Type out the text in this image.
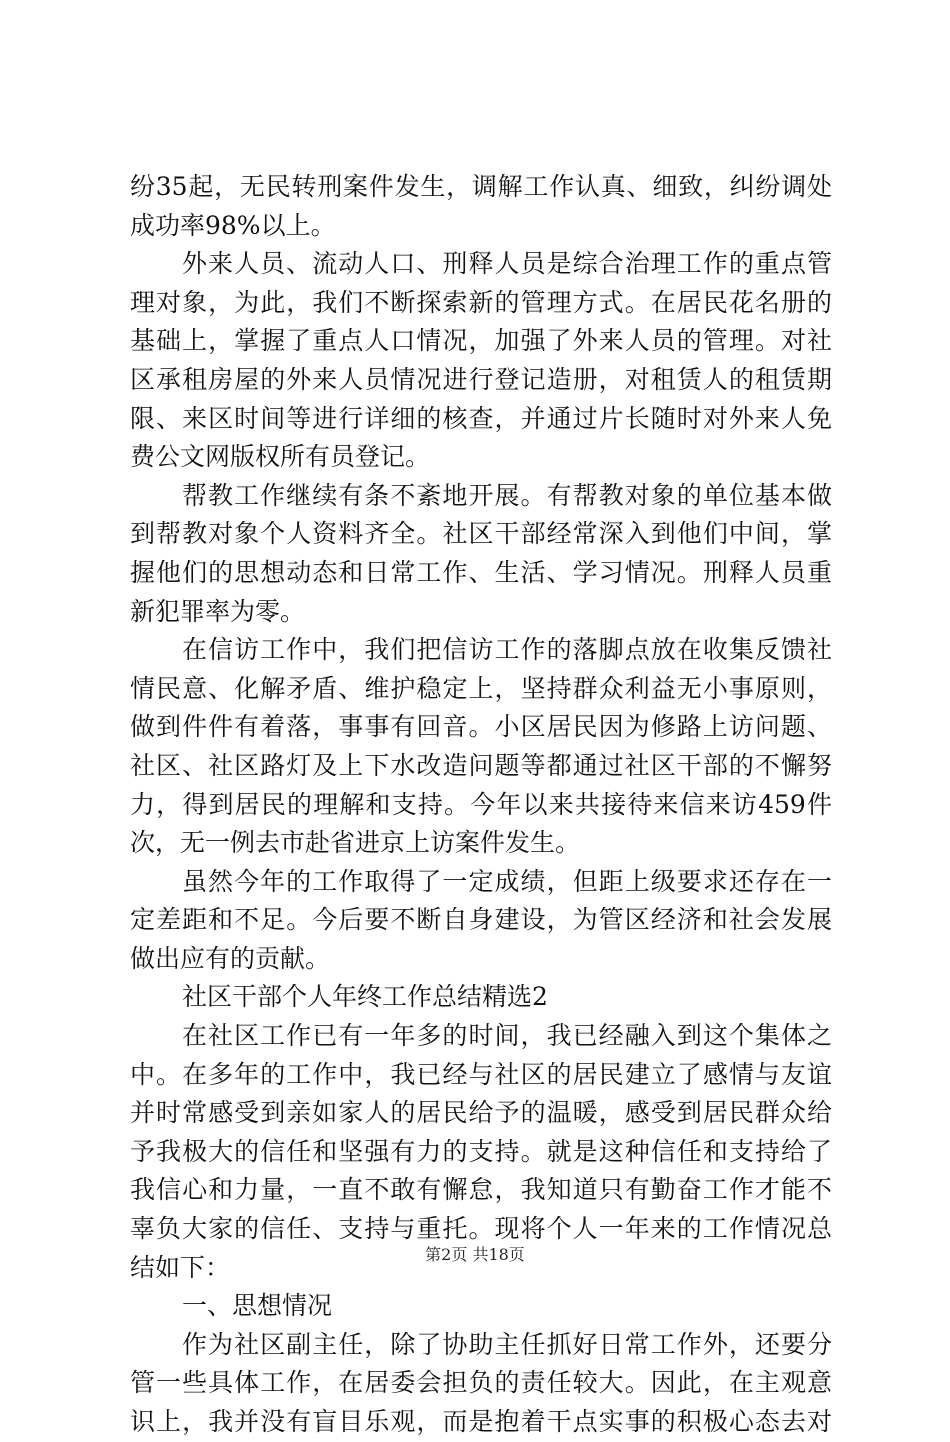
纷35起，无民转刑案件发生，调解工作认真、细致，纠纷调处
成功率98%以上。
外来人员、流动人口、刑释人员是综合治理工作的重点管
理对象，为此，我们不断探索新的管理方式。在居民花名册的
基础上，掌握了重点人口情况，加强了外来人员的管理。对社
区承租房屋的外来人员情况进行登记造册，对租赁人的租赁期
限、来区时间等进行详细的核查，并通过片长随时对外来人免
费公文网版权所有员登记。
帮教工作继续有条不紊地开展。有帮教对象的单位基本做
到帮教对象个人资料齐全。社区干部经常深入到他们中间，掌
握他们的思想动态和日常工作、生活、学习情况。刑释人员重
新犯罪率为零。
在信访工作中，我们把信访工作的落脚点放在收集反馈社
情民意、化解矛盾、维护稳定上，坚持群众利益无小事原则，
做到件件有着落，事事有回音。小区居民因为修路上访问题、
社区、社区路灯及上下水改造问题等都通过社区干部的不懈努
力，得到居民的理解和支持。今年以来共接待来信来访459件
次，无一例去市赴省进京上访案件发生。
虽然今年的工作取得了一定成绩，但距上级要求还存在一
定差距和不足。今后要不断自身建设，为管区经济和社会发展
做出应有的贡献。
社区干部个人年终工作总结精选2
在社区工作已有一年多的时间，我已经融入到这个集体之
中。在多年的工作中，我已经与社区的居民建立了感情与友谊
并时常感受到亲如家人的居民给予的温暖，感受到居民群众给
予我极大的信任和坚强有力的支持。就是这种信任和支持给了
我信心和力量，一直不敢有懈怠，我知道只有勤奋工作才能不
辜负大家的信任、支持与重托。现将个人一年来的工作情况总
结如下：
一、思想情况
作为社区副主任，除了协助主任抓好日常工作外，还要分
管一些具体工作，在居委会担负的责任较大。因此，在主观意
识上，我并没有盲目乐观，而是抱着干点实事的积极心态去对
第2页 共18页
